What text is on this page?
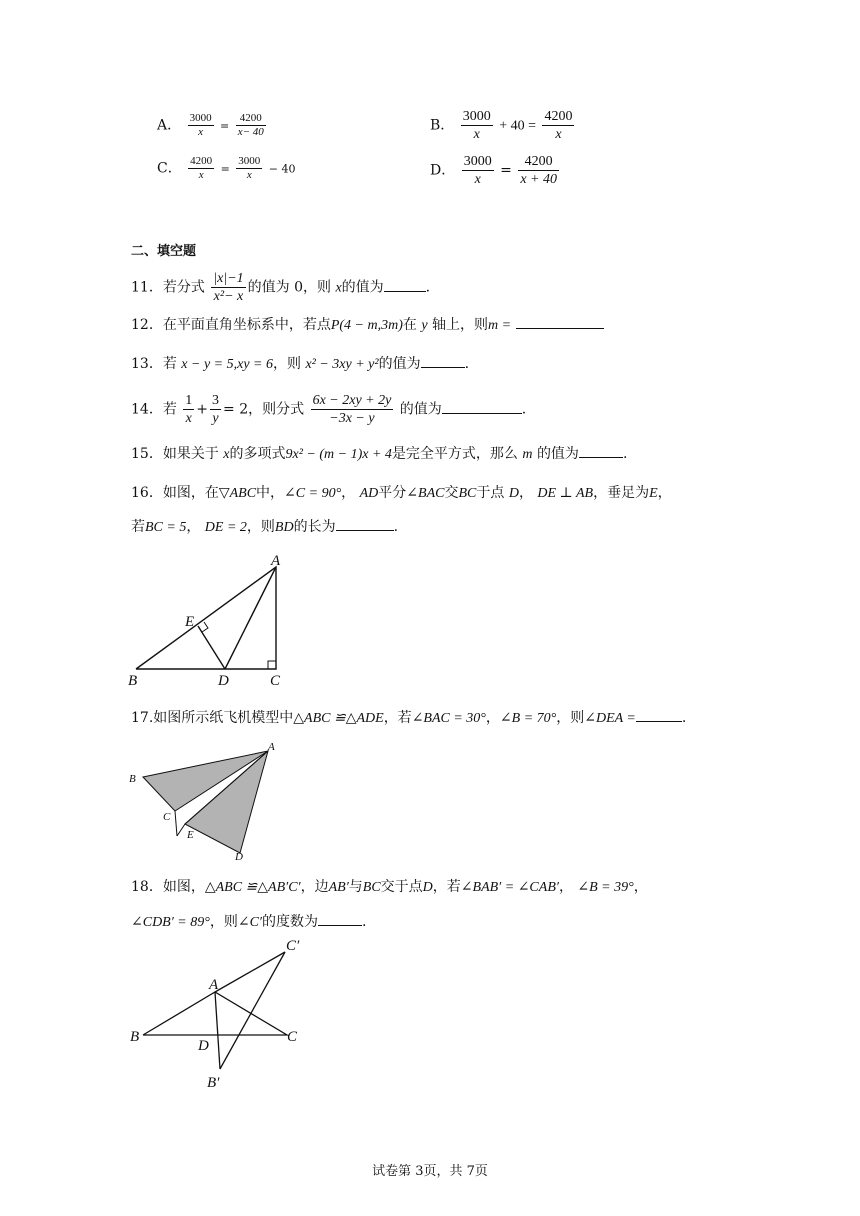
A． $\frac{3000}{x} = \frac{4200}{x- 40}$	B． $\frac{3000}{x} + 40 = \frac{4200}{x}$
C． $\frac{4200}{x} = \frac{3000}{x} - 40$	D． $\frac{3000}{x} = \frac{4200}{x + 40}$
二、填空题
11．若分式 $\frac{|x|-1}{\text{x²− x}}$ 的值为 0，则 x的值为	.
12．在平面直角坐标系中，若点P(4 − m,3m)在 y 轴上，则m =
13．若 x − y = 5,xy = 6，则 x² − 3xy + y²的值为	.
14．若 $\frac{1}{x} + \frac{3}{y} = 2$，则分式 $\frac{6x - 2xy + 2y}{-3x - y}$ 的值为	.
15．如果关于 x的多项式9x² − (m − 1)x + 4是完全平方式，那么 m 的值为	.
16．如图，在▽ABC中，∠C = 90°， AD平分∠BAC交BC于点 D， DE ⊥ AB，垂足为E，
若BC = 5， DE = 2，则BD的长为	.
A
B	C
D
E
17.如图所示纸飞机模型中△ABC ≌△ADE，若∠BAC = 30°，∠B = 70°，则∠DEA =	.
A
B
C
D
E
18．如图，△ABC ≌△AB′C′，边AB′与BC交于点D，若∠BAB′ = ∠CAB′， ∠B = 39°，
∠CDB′ = 89°，则∠C′的度数为	.
A
B	C
D
B′
C′
试卷第 3页，共 7页
